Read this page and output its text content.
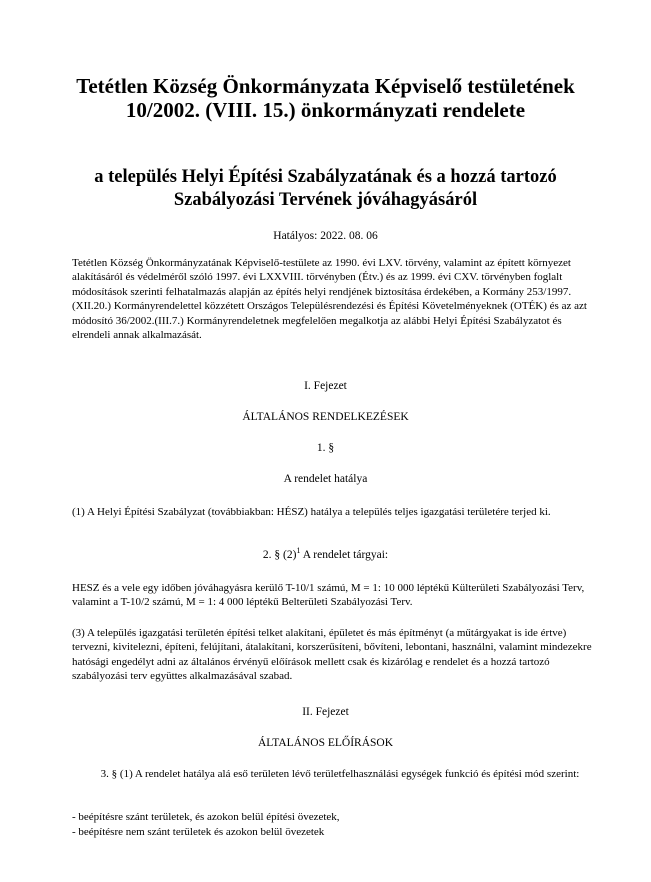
Tetétlen Község Önkormányzata Képviselő testületének 10/2002. (VIII. 15.) önkormányzati rendelete
a település Helyi Építési Szabályzatának és a hozzá tartozó Szabályozási Tervének jóváhagyásáról
Hatályos: 2022. 08. 06

Tetétlen Község Önkormányzatának Képviselő-testülete az 1990. évi LXV. törvény, valamint az épített környezet alakításáról és védelméről szóló 1997. évi LXXVIII. törvényben (Étv.) és az 1999. évi CXV. törvényben foglalt módosítások szerinti felhatalmazás alapján az építés helyi rendjének biztosítása érdekében, a Kormány 253/1997.(XII.20.) Kormányrendelettel közzétett Országos Településrendezési és Építési Követelményeknek (OTÉK) és az azt módosító 36/2002.(III.7.) Kormányrendeletnek megfelelően megalkotja az alábbi Helyi Építési Szabályzatot és elrendeli annak alkalmazását.

I. Fejezet
ÁLTALÁNOS RENDELKEZÉSEK
1. §
A rendelet hatálya

(1) A Helyi Építési Szabályzat (továbbiakban: HÉSZ) hatálya a település teljes igazgatási területére terjed ki.

2. § $(2)^1$ A rendelet tárgyai:

HESZ és a vele egy időben jóváhagyásra kerülő T-10/1 számú, M = 1: 10 000 léptékű Külterületi Szabályozási Terv, valamint a T-10/2 számú, M = 1: 4 000 léptékű Belterületi Szabályozási Terv.

(3) A település igazgatási területén építési telket alakítani, épületet és más építményt (a műtárgyakat is ide értve) tervezni, kivitelezni, építeni, felújítani, átalakítani, korszerűsíteni, bővíteni, lebontani, használni, valamint mindezekre hatósági engedélyt adni az általános érvényű előírások mellett csak és kizárólag e rendelet és a hozzá tartozó szabályozási terv együttes alkalmazásával szabad.

II. Fejezet
ÁLTALÁNOS ELŐÍRÁSOK

3. § (1) A rendelet hatálya alá eső területen lévő területfelhasználási egységek funkció és építési mód szerint:

- beépítésre szánt területek, és azokon belül építési övezetek,
- beépítésre nem szánt területek és azokon belül övezetek
